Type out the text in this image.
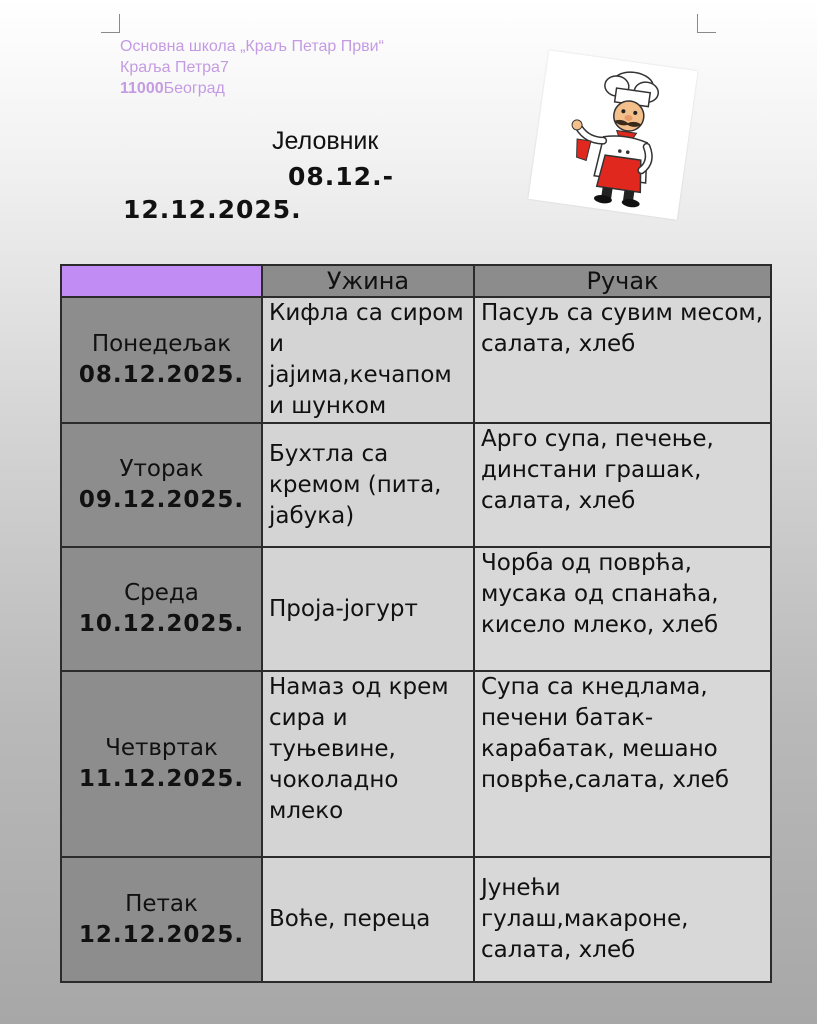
Основна школа „Краљ Петар Први“
Краља Петра7
11000Београд
Јеловник
08.12.-
12.12.2025.
	Ужина	Ручак

Понедељак
08.12.2025.	Кифла са сиром и јајима,кечапом и шунком	Пасуљ са сувим месом, салата, хлеб

Уторак
09.12.2025.	Бухтла са кремом (пита, јабука)	Арго супа, печење, динстани грашак, салата, хлеб

Среда
10.12.2025.	Проја-јогурт	Чорба од поврћа, мусака од спанаћа, кисело млеко, хлеб

Четвртак
11.12.2025.	Намаз од крем сира и туњевине, чоколадно млеко	Супа са кнедлама, печени батак-карабатак, мешано поврће,салата, хлеб

Петак
12.12.2025.	Воће, переца	Јунећи гулаш,макароне, салата, хлеб
